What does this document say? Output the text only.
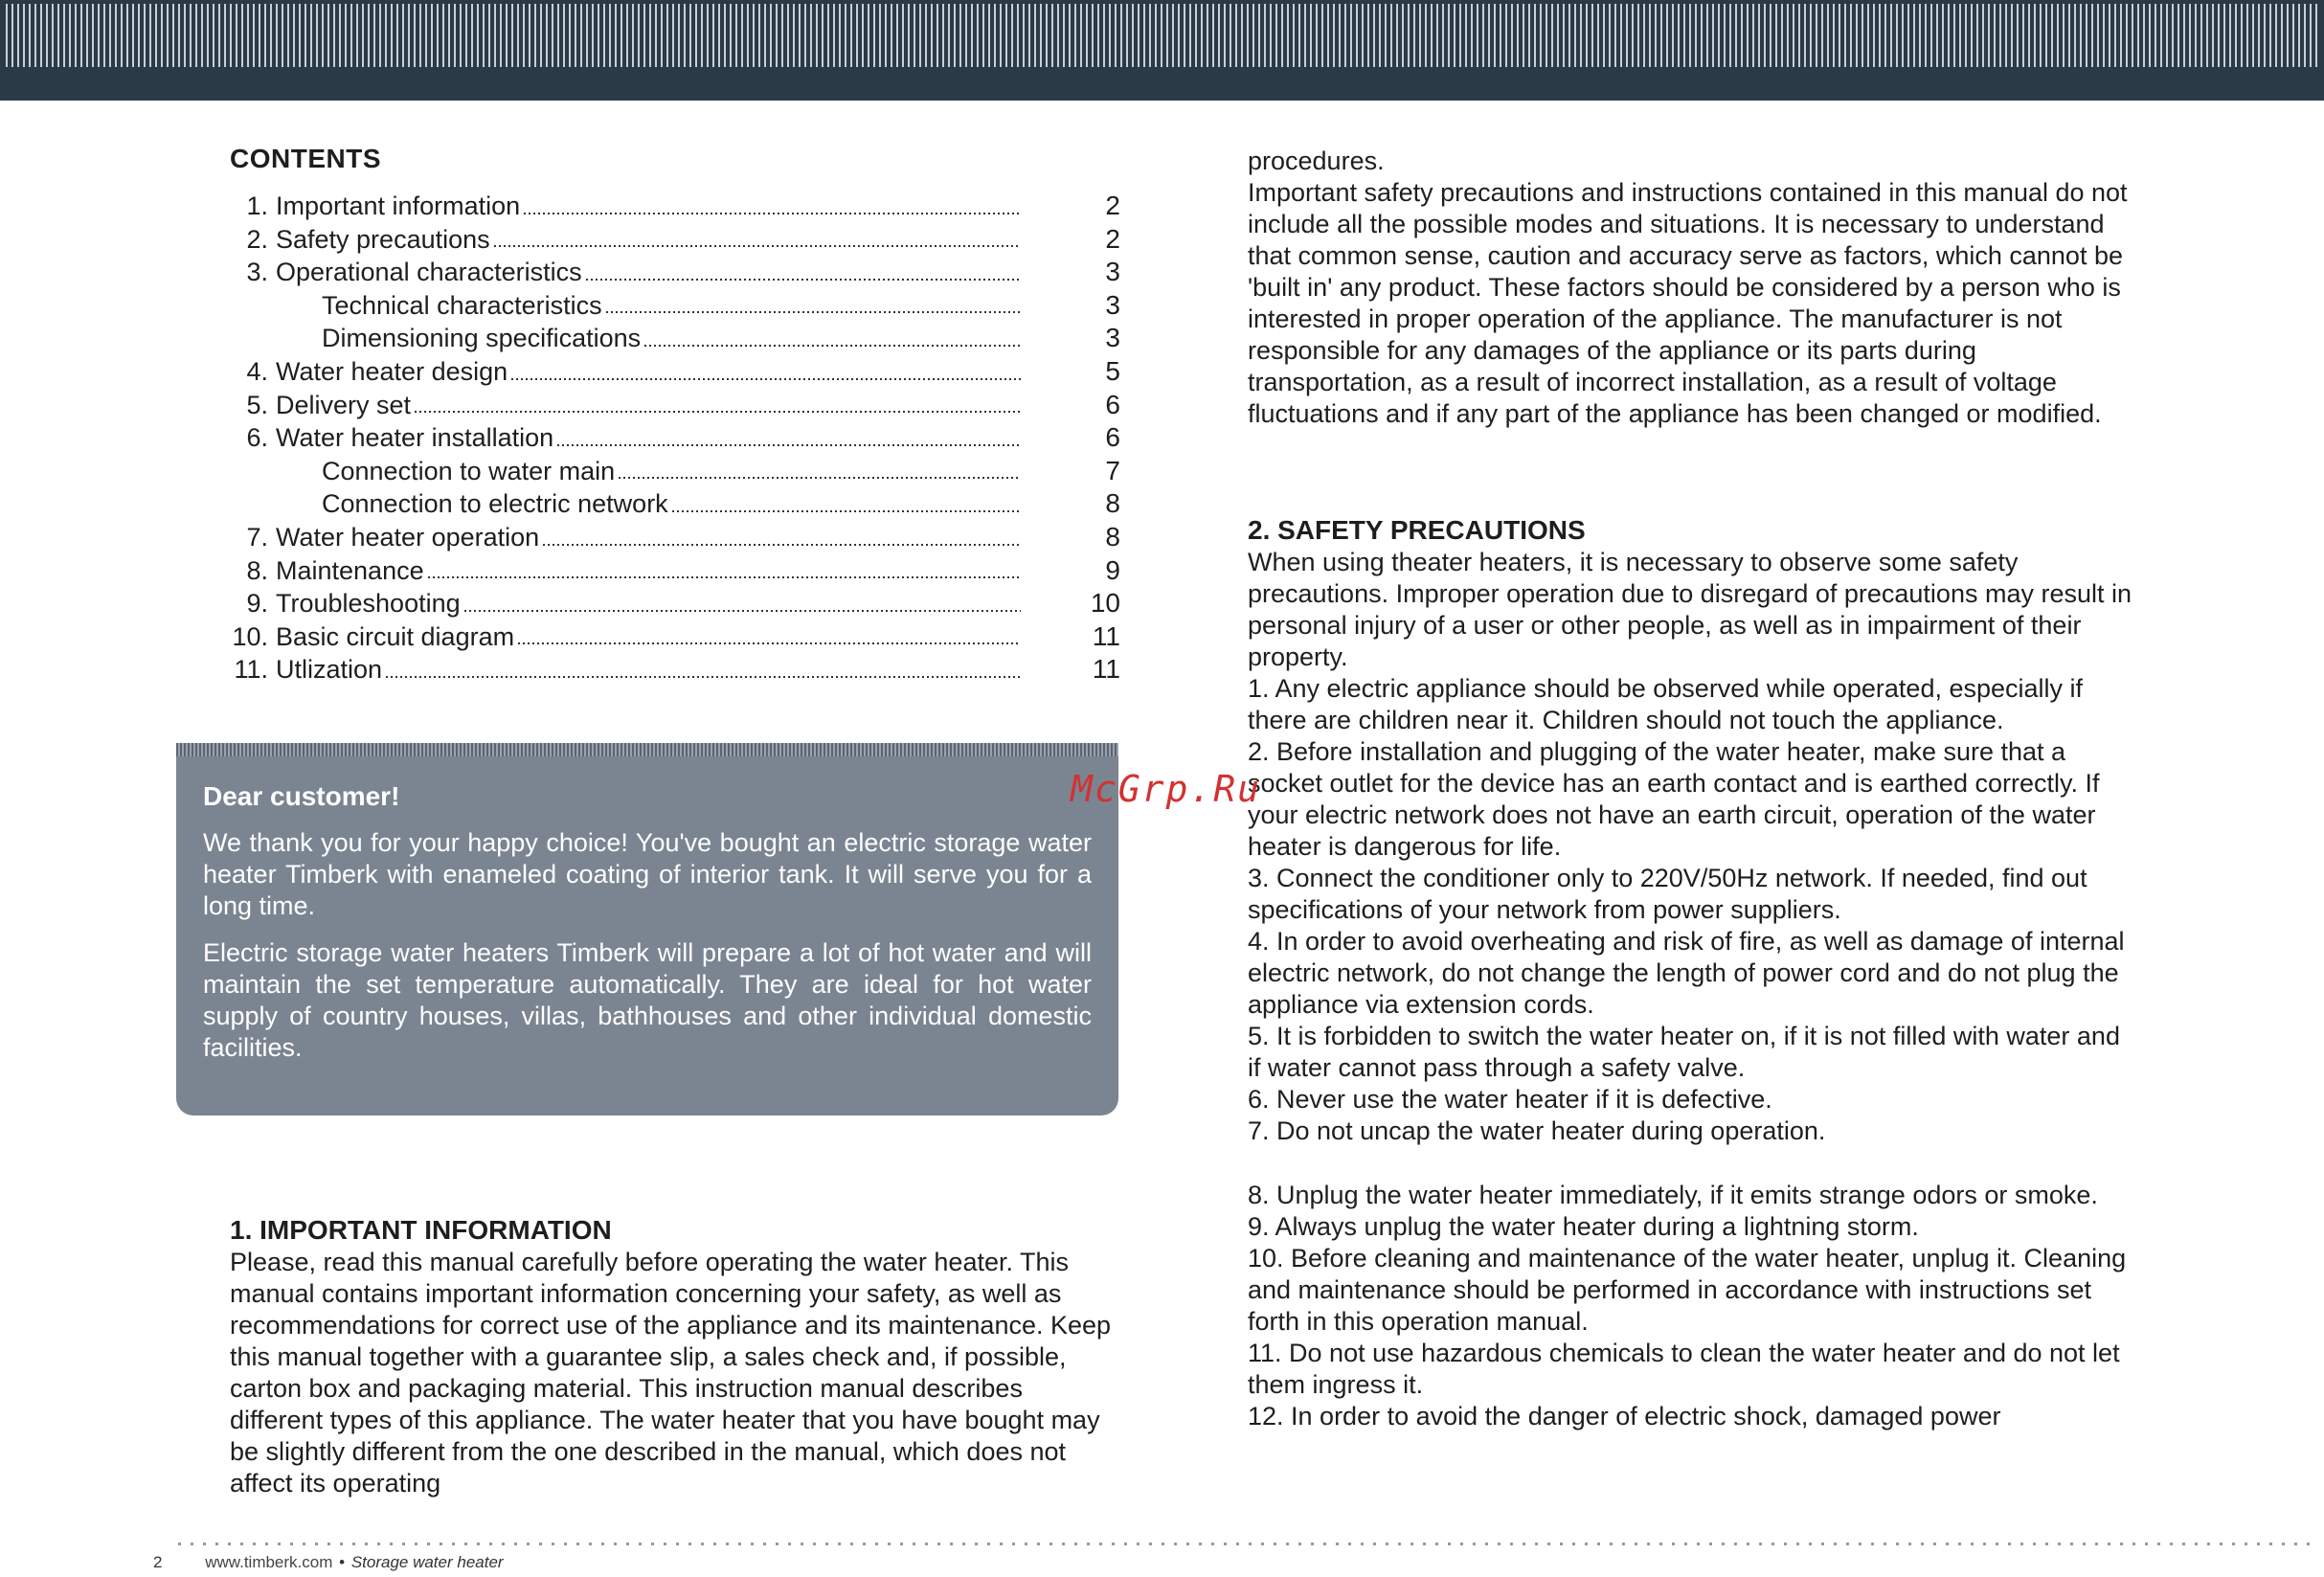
CONTENTS
1. Important information	2
2. Safety precautions	2
3. Operational characteristics	3
Technical characteristics	3
Dimensioning specifications	3
4. Water heater design	5
5. Delivery set	6
6. Water heater installation	6
Connection to water main	7
Connection to electric network	8
7. Water heater operation	8
8. Maintenance	9
9. Troubleshooting	10
10. Basic circuit diagram	11
11. Utlization	11
Dear customer!

We thank you for your happy choice! You've bought an electric storage water heater Timberk with enameled coating of interior tank. It will serve you for a long time.

Electric storage water heaters Timberk will prepare a lot of hot water and will maintain the set temperature automatically. They are ideal for hot water supply of country houses, villas, bathhouses and other individual domestic facilities.

1. IMPORTANT INFORMATION

Please, read this manual carefully before operating the water heater. This manual contains important information concerning your safety, as well as recommendations for correct use of the appliance and its maintenance. Keep this manual together with a guarantee slip, a sales check and, if possible, carton box and packaging material. This instruction manual describes different types of this appliance. The water heater that you have bought may be slightly different from the one described in the manual, which does not affect its operating

procedures.

Important safety precautions and instructions contained in this manual do not include all the possible modes and situations. It is necessary to understand that common sense, caution and accuracy serve as factors, which cannot be 'built in' any product. These factors should be considered by a person who is interested in proper operation of the appliance. The manufacturer is not responsible for any damages of the appliance or its parts during transportation, as a result of incorrect installation, as a result of voltage fluctuations and if any part of the appliance has been changed or modified.

2. SAFETY PRECAUTIONS

When using theater heaters, it is necessary to observe some safety precautions. Improper operation due to disregard of precautions may result in personal injury of a user or other people, as well as in impairment of their property.

1. Any electric appliance should be observed while operated, especially if there are children near it. Children should not touch the appliance.

2. Before installation and plugging of the water heater, make sure that a socket outlet for the device has an earth contact and is earthed correctly. If your electric network does not have an earth circuit, operation of the water heater is dangerous for life.

3. Connect the conditioner only to 220V/50Hz network. If needed, find out specifications of your network from power suppliers.

4. In order to avoid overheating and risk of fire, as well as damage of internal electric network, do not change the length of power cord and do not plug the appliance via extension cords.

5. It is forbidden to switch the water heater on, if it is not filled with water and if water cannot pass through a safety valve.

6. Never use the water heater if it is defective.

7. Do not uncap the water heater during operation.

8. Unplug the water heater immediately, if it emits strange odors or smoke.

9. Always unplug the water heater during a lightning storm.

10. Before cleaning and maintenance of the water heater, unplug it. Cleaning and maintenance should be performed in accordance with instructions set forth in this operation manual.

11. Do not use hazardous chemicals to clean the water heater and do not let them ingress it.

12. In order to avoid the danger of electric shock, damaged power

McGrp.Ru
2	www.timberk.com • Storage water heater
